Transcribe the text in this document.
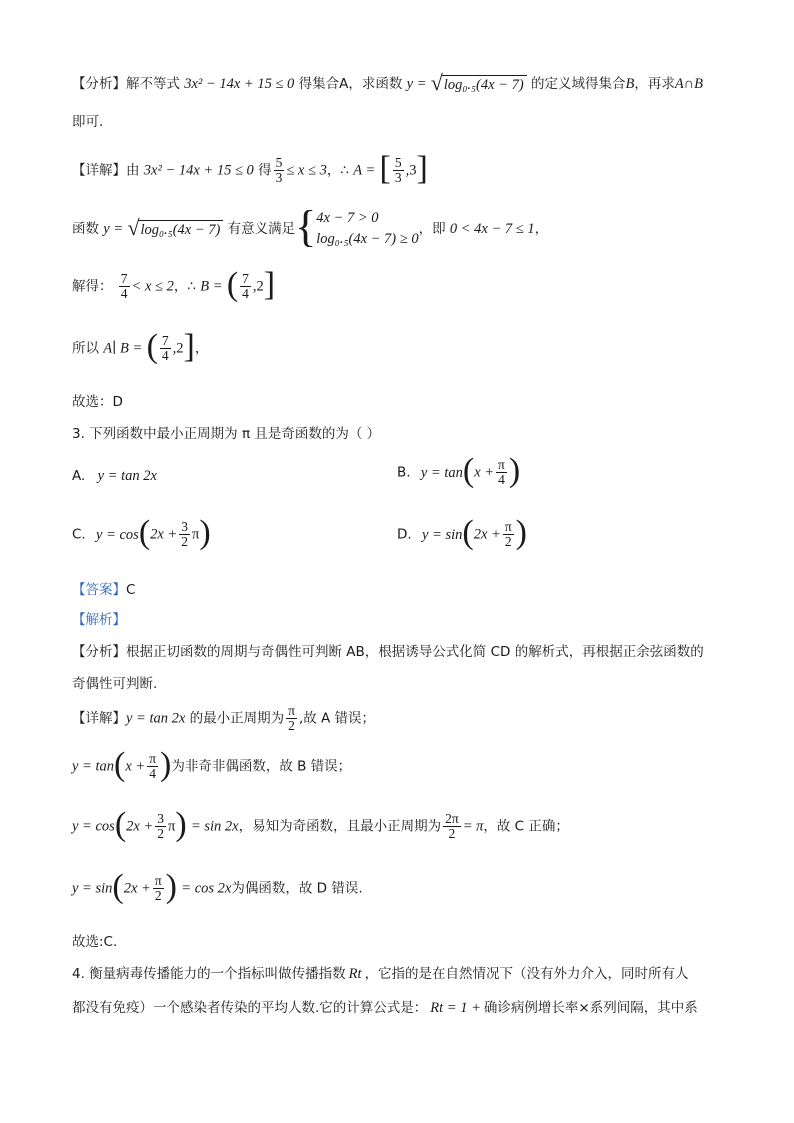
【分析】解不等式 3x² − 14x + 15 ≤ 0 得集合A，求函数 y = √ log₀.₅(4x − 7) 的定义域得集合B，再求A∩B
即可.
【详解】由 3x² − 14x + 15 ≤ 0 得 $\frac{5}{3} \le x \le 3$，∴ A = [ $\frac{5}{3} ,3$]
函数 y = √ log₀.₅(4x − 7) 有意义满足{4x − 7 > 0
log₀.₅(4x − 7) ≥ 0，即 0 < 4x − 7 ≤ 1，
解得： $\frac{7}{4} < x \le 2$，∴ B = ( $\frac{7}{4} ,2$]
所以 A∣ B = ( $\frac{7}{4} ,2$]，
故选：D
3. 下列函数中最小正周期为 π 且是奇函数的为（ ）
A. y = tan 2x	B. $y = \tan(x + \frac{\pi}{4}$ )
C. $y = \cos(2x + \frac{3}{2} \pi)$	D. $y = \sin(2x + \frac{\pi}{2}$ )
【答案】C
【解析】
【分析】根据正切函数的周期与奇偶性可判断 AB，根据诱导公式化简 CD 的解析式，再根据正余弦函数的
奇偶性可判断.
【详解】y = tan 2x 的最小正周期为 $\frac{\pi}{2}$ ,故 A 错误；
$y = \tan(x + \frac{\pi}{4}$ )为非奇非偶函数，故 B 错误；
$y = \cos(2x + \frac{3}{2} \pi) = \sin 2x$，易知为奇函数，且最小正周期为 $\frac{2\pi}{2} = \pi$，故 C 正确；
$y = \sin(2x + \frac{\pi}{2}$ ) = cos 2x为偶函数，故 D 错误.
故选:C.
4. 衡量病毒传播能力的一个指标叫做传播指数 Rt ，它指的是在自然情况下（没有外力介入，同时所有人
都没有免疫）一个感染者传染的平均人数.它的计算公式是： Rt = 1 + 确诊病例增长率×系列间隔，其中系
